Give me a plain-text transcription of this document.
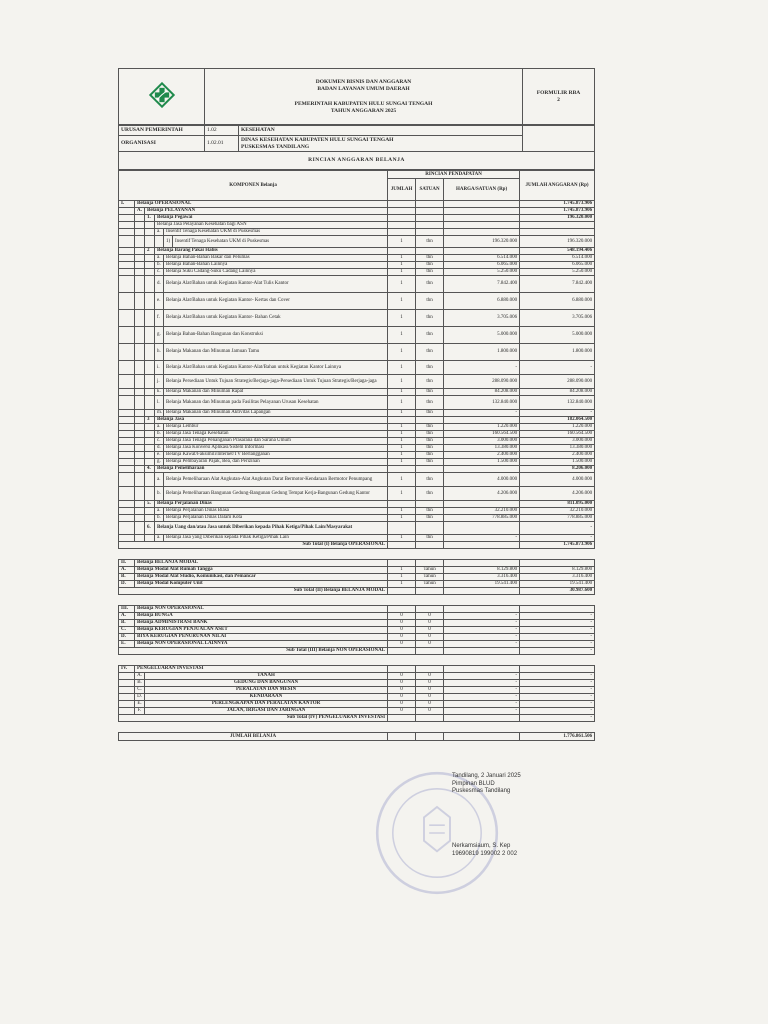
DOKUMEN BISNIS DAN ANGGARAN
BADAN LAYANAN UMUM DAERAH
PEMERINTAH KABUPATEN HULU SUNGAI TENGAH
TAHUN ANGGARAN 2025

FORMULIR RBA
2
URUSAN PEMERINTAH	1.02	KESEHATAN	
ORGANISASI	1.02.01	DINAS KESEHATAN KABUPATEN HULU SUNGAI TENGAH
PUSKESMAS TANDILANG	

RINCIAN ANGGARAN BELANJA			
KOMPONEN Belanja						RINCIAN PENDAPATAN			JUMLAH ANGGARAN (Rp)
						JUMLAH	SATUAN	HARGA/SATUAN (Rp)	
I.	Belanja OPERASIONAL								1.745.873.906
	A.	Belanja PELAYANAN							1.745.873.906
		1.	Belanja Pegawai						196.320.000
			Belanja Jasa Pelayanan Kesehatan bagi ASN						
			a.	Insentif Tenaga Kesehatan UKM di Puskesmas					
				1)	Insentif Tenaga Kesehatan UKM di Puskesmas	1	thn	196.320.000	196.320.000
		2	Belanja Barang Pakai Habis						548.194.406
			a.	Belanja Bahan-Bahan Bakar dan Pelumas		1	thn	6.514.000	6.514.000
			b.	Belanja Bahan-Bahan Lainnya		1	thn	6.065.000	6.065.000
			c.	Belanja Suku Cadang-Suku Cadang Lainnya		1	thn	5.250.000	5.250.000
			d.	Belanja Alat/Bahan untuk Kegiatan Kantor-Alat Tulis Kantor		1	thn	7.842.400	7.842.400
			e.	Belanja Alat/Bahan untuk Kegiatan Kantor- Kertas dan Cover		1	thn	6.880.000	6.880.000
			f.	Belanja Alat/Bahan untuk Kegiatan Kantor- Bahan Cetak		1	thn	3.705.006	3.705.006
			g.	Belanja Bahan-Bahan Bangunan dan Konstruksi		1	thn	5.000.000	5.000.000
			h.	Belanja Makanan dan Minuman Jamuan Tamu		1	thn	1.800.000	1.800.000
			i.	Belanja Alat/Bahan untuk Kegiatan Kantor-Alat/Bahan untuk Kegiatan Kantor Lainnya		1	thn	-	-
			j.	Belanja Persediaan Untuk Tujuan Strategis/Berjaga-jaga-Persediaan Untuk Tujuan Strategis/Berjaga-jaga		1	thn	288.090.000	288.090.000
			k.	Belanja Makanan dan Minuman Rapat		1	thn	84.208.000	84.208.000
			l.	Belanja Makanan dan Minuman pada Fasilitas Pelayanan Urusan Kesehatan		1	thn	132.840.000	132.840.000
			m.	Belanja Makanan dan Minuman Aktivitas Lapangan		1	thn	-	-
		3	Belanja Jasa						182.064.500
			a.	Belanja Lembur		1	thn	1.220.000	1.220.000
			b.	Belanja Jasa Tenaga Kesehatan		1	thn	160.564.500	160.564.500
			c.	Belanja Jasa Tenaga Penanganan Prasarana dan Sarana Umum		1	thn	3.000.000	3.000.000
			d.	Belanja Jasa Konversi Aplikasi/Sistem Informasi		1	thn	13.380.000	13.380.000
			e.	Belanja Kawat/Faksimili/Internet/TV Berlangganan		1	thn	2.400.000	2.400.000
			g.	Belanja Pembayaran Pajak, Bea, dan Perizinan		1	thn	1.500.000	1.500.000
		4.	Belanja Pemeliharaan						8.206.000
			a.	Belanja Pemeliharaan Alat Angkutan-Alat Angkutan Darat Bermotor-Kendaraan Bermotor Penumpang		1	thn	4.000.000	4.000.000
			b.	Belanja Pemeliharaan Bangunan Gedung-Bangunan Gedung Tempat Kerja-Bangunan Gedung Kantor		1	thn	4.206.000	4.206.000
		5.	Belanja Perjalanan Dinas						811.095.000
			a.	Belanja Perjalanan Dinas Biasa		1	thn	32.210.000	32.210.000
			b.	Belanja Perjalanan Dinas Dalam Kota		1	thn	778.885.000	778.885.000
		6.	Belanja Uang dan/atau Jasa untuk Diberikan kepada Pihak Ketiga/Pihak Lain/Masyarakat						-
			a.	Belanja Jasa yang Diberikan kepada Pihak Ketiga/Pihak Lain		1	thn	-	-
Sub Total (I) Belanja OPERASIONAL									1.745.873.906

II.	Belanja BELANJA MODAL								
A.	Belanja Modal Alat Rumah Tangga					1	Tahun	8.129.800	8.129.800
B.	Belanja Modal Alat Studio, Komunikasi, dan Pemancar					1	Tahun	3.316.400	3.316.400
D.	Belanja Modal Komputer Unit					1	Tahun	19.541.400	19.541.400
Sub Total (II) Belanja BELANJA MODAL									30.987.600

III.	Belanja NON OPERASIONAL								
A.	Belanja BUNGA					0	0	-	-
B.	Belanja ADMINISTRASI BANK					0	0	-	-
C.	Belanja KERUGIAN PENJUALAN ASET					0	0	-	-
D.	BIYA KERUGIAN PENURUNAN NILAI					0	0	-	-
E.	Belanja NON OPERASIONAL LAINNYA					0	0	-	-
Sub Total (III) Belanja NON OPERASIONAL									-

IV.	PENGELUARAN INVESTASI								
	A.	TANAH				0	0	-	-
	B.	GEDUNG DAN BANGUNAN				0	0	-	-
	C.	PERALATAN DAN MESIN				0	0	-	-
	D.	KENDARAAN				0	0	-	-
	E.	PERLENGKAPAN DAN PERALATAN KANTOR				0	0	-	-
	F.	JALAN, IRIGASI DAN JARINGAN				0	0	-	-
Sub Total (IV) PENGELUARAN INVESTASI									-

JUMLAH BELANJA									1.776.861.506
Tandilang, 2 Januari 2025
Pimpinan BLUD
Puskesmas Tandilang
Nerkamsiaum, S. Kep
19690819 199002 2 002
